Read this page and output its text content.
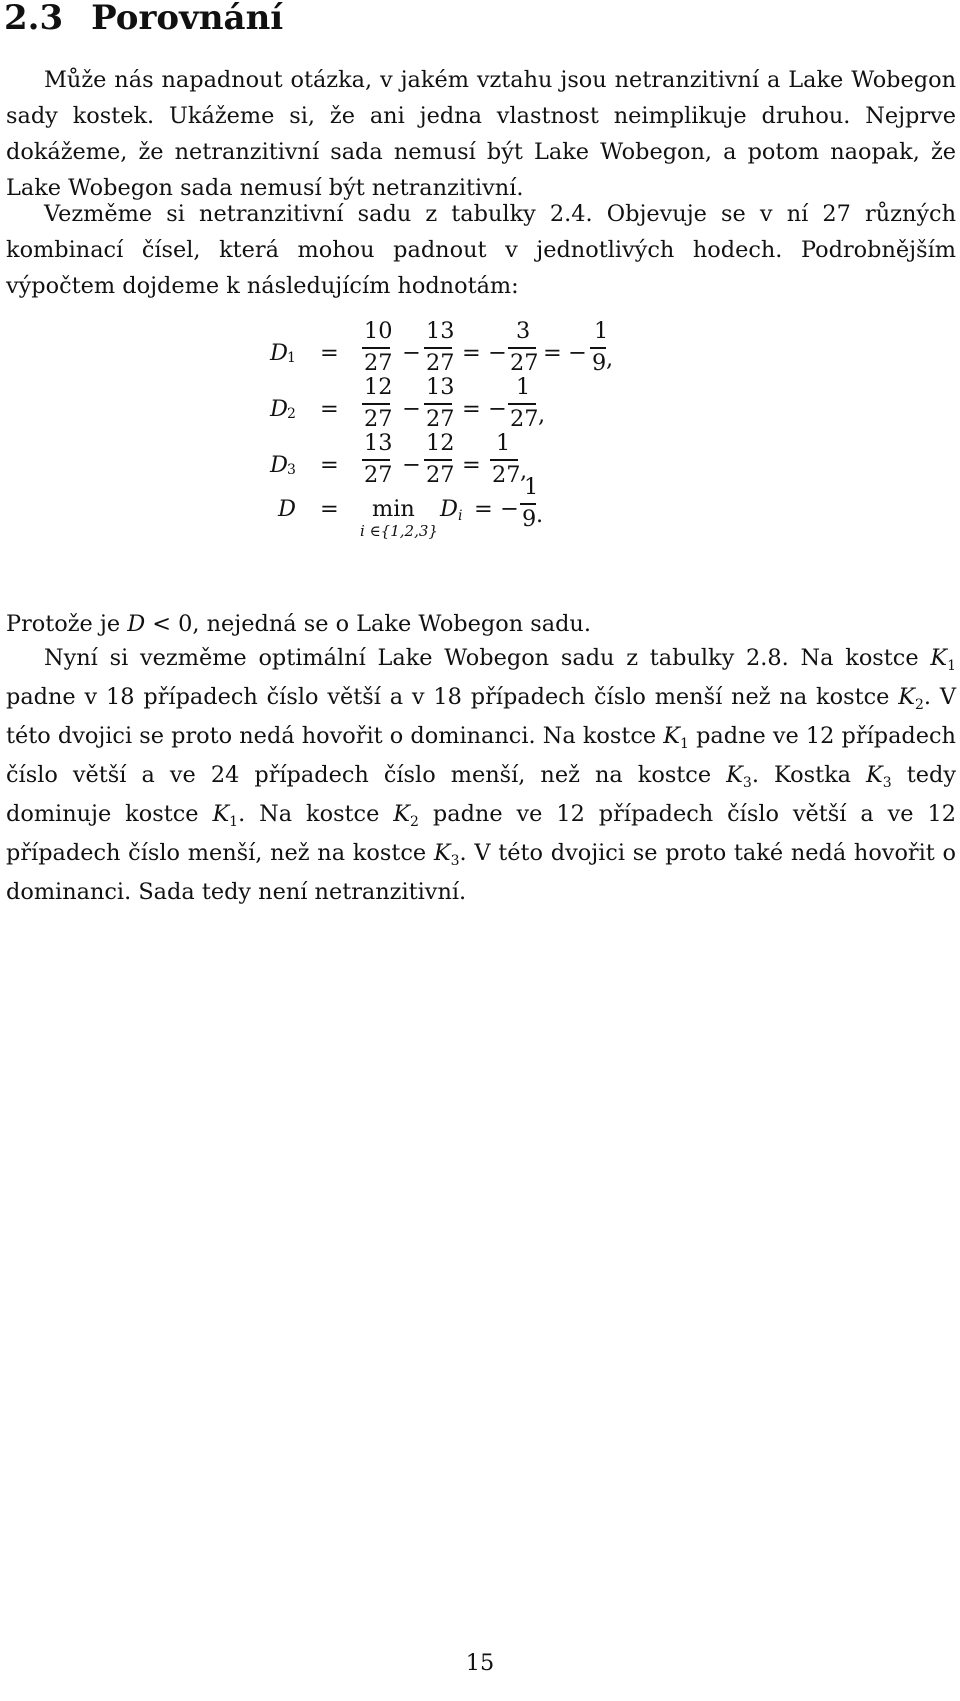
2.3 Porovnání

Může nás napadnout otázka, v jakém vztahu jsou netranzitivní a Lake Wobegon sady kostek. Ukážeme si, že ani jedna vlastnost neimplikuje druhou. Nejprve dokážeme, že netranzitivní sada nemusí být Lake Wobegon, a potom naopak, že Lake Wobegon sada nemusí být netranzitivní.

Vezměme si netranzitivní sadu z tabulky 2.4. Objevuje se v ní 27 různých kombinací čísel, která mohou padnout v jednotlivých hodech. Podrobnějším výpočtem dojdeme k následujícím hodnotám:

D 1 =
10
27 −
13
27 = −
3
27 = −
1
9 ,
D 2 =
12
27 −
13
27 = −
1
27 ,
D 3 =
13
27 −
12
27 =
1
27 ,
D = min
i ∈{1,2,3}
D i = −
1
9 .

Protože je D < 0, nejedná se o Lake Wobegon sadu.

Nyní si vezměme optimální Lake Wobegon sadu z tabulky 2.8. Na kostce $K_1$ padne v 18 případech číslo větší a v 18 případech číslo menší než na kostce $K_2$. V této dvojici se proto nedá hovořit o dominanci. Na kostce $K_1$ padne ve 12 případech číslo větší a ve 24 případech číslo menší, než na kostce $K_3$. Kostka $K_3$ tedy dominuje kostce $K_1$. Na kostce $K_2$ padne ve 12 případech číslo větší a ve 12 případech číslo menší, než na kostce $K_3$. V této dvojici se proto také nedá hovořit o dominanci. Sada tedy není netranzitivní.

15
